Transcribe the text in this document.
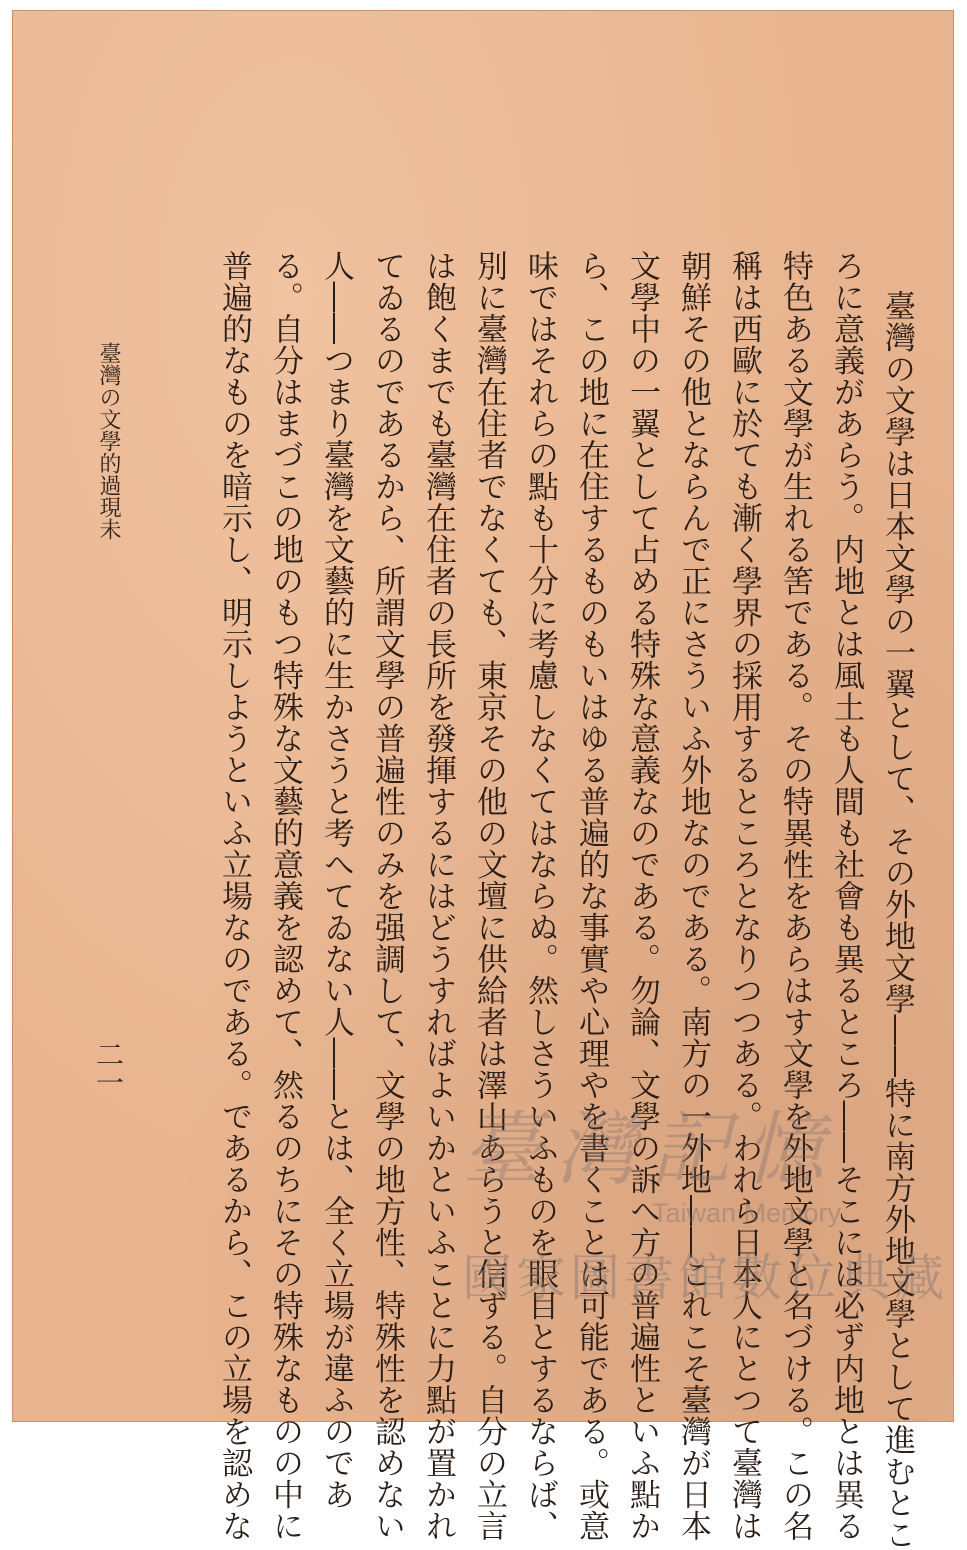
臺灣の文學は日本文學の一翼として、その外地文學――特に南方外地文學として進むとこ
ろに意義があらう。内地とは風土も人間も社會も異るところ――そこには必ず内地とは異る
特色ある文學が生れる筈である。その特異性をあらはす文學を外地文學と名づける。この名
稱は西歐に於ても漸く學界の採用するところとなりつつある。われら日本人にとつて臺灣は
朝鮮その他とならんで正にさういふ外地なのである。南方の一外地――これこそ臺灣が日本
文學中の一翼として占める特殊な意義なのである。勿論、文學の訴へ方の普遍性といふ點か
ら、この地に在住するものもいはゆる普遍的な事實や心理やを書くことは可能である。或意
味ではそれらの點も十分に考慮しなくてはならぬ。然しさういふものを眼目とするならば、
別に臺灣在住者でなくても、東京その他の文壇に供給者は澤山あらうと信ずる。自分の立言
は飽くまでも臺灣在住者の長所を發揮するにはどうすればよいかといふことに力點が置かれ
てゐるのであるから、所謂文學の普遍性のみを强調して、文學の地方性、特殊性を認めない
人――つまり臺灣を文藝的に生かさうと考へてゐない人――とは、全く立場が違ふのであ
る。自分はまづこの地のもつ特殊な文藝的意義を認めて、然るのちにその特殊なものの中に
普遍的なものを暗示し、明示しようといふ立場なのである。であるから、この立場を認めな
臺灣の文學的過現未
二一
臺灣記憶
Taiwan Memory
國家圖書館數位典藏
